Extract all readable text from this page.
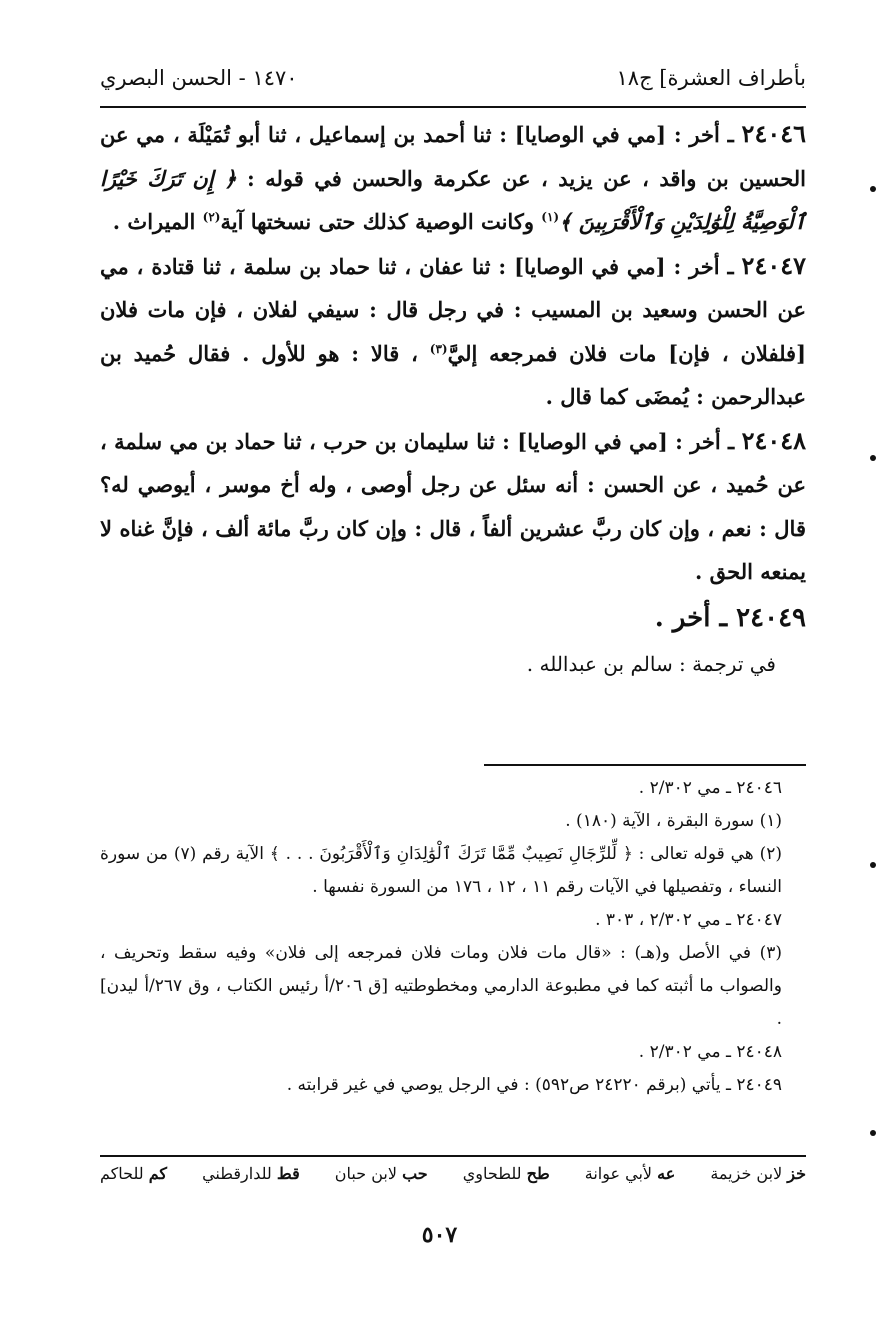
بأطراف العشرة] ج١٨
١٤٧٠ - الحسن البصري

٢٤٠٤٦ ـ أخر : [مي في الوصايا] : ثنا أحمد بن إسماعيل ، ثنا أبو تُمَيْلَة ، مي عن الحسين بن واقد ، عن يزيد ، عن عكرمة والحسن في قوله : ﴿ إِن تَرَكَ خَيْرًا ٱلْوَصِيَّةُ لِلْوَٰلِدَيْنِ وَٱلْأَقْرَبِينَ ﴾$^{(١)}$ وكانت الوصية كذلك حتى نسختها آية$^{(٢)}$ الميراث .

٢٤٠٤٧ ـ أخر : [مي في الوصايا] : ثنا عفان ، ثنا حماد بن سلمة ، ثنا قتادة ، مي عن الحسن وسعيد بن المسيب : في رجل قال : سيفي لفلان ، فإن مات فلان [فلفلان ، فإن] مات فلان فمرجعه إليَّ$^{(٣)}$ ، قالا : هو للأول . فقال حُميد بن عبدالرحمن : يُمضَى كما قال .

٢٤٠٤٨ ـ أخر : [مي في الوصايا] : ثنا سليمان بن حرب ، ثنا حماد بن مي سلمة ، عن حُميد ، عن الحسن : أنه سئل عن رجل أوصى ، وله أخ موسر ، أيوصي له؟ قال : نعم ، وإن كان ربَّ عشرين ألفاً ، قال : وإن كان ربَّ مائة ألف ، فإنَّ غناه لا يمنعه الحق .

٢٤٠٤٩ ـ أخر .

في ترجمة : سالم بن عبدالله .

٢٤٠٤٦ ـ مي ٢/٣٠٢ .

(١) سورة البقرة ، الآية (١٨٠) .

(٢) هي قوله تعالى : ﴿ لِّلرِّجَالِ نَصِيبٌ مِّمَّا تَرَكَ ٱلْوَٰلِدَانِ وَٱلْأَقْرَبُونَ . . . ﴾ الآية رقم (٧) من سورة النساء ، وتفصيلها في الآيات رقم ١١ ، ١٢ ، ١٧٦ من السورة نفسها .

٢٤٠٤٧ ـ مي ٢/٣٠٢ ، ٣٠٣ .

(٣) في الأصل و(هـ) : «قال مات فلان ومات فلان فمرجعه إلى فلان» وفيه سقط وتحريف ، والصواب ما أثبته كما في مطبوعة الدارمي ومخطوطتيه [ق ٢٠٦/أ رئيس الكتاب ، وق ٢٦٧/أ ليدن] .

٢٤٠٤٨ ـ مي ٢/٣٠٢ .

٢٤٠٤٩ ـ يأتي (برقم ٢٤٢٢٠ ص٥٩٢) : في الرجل يوصي في غير قرابته .

خز لابن خزيمة
عه لأبي عوانة
طح للطحاوي
حب لابن حبان
قط للدارقطني
كم للحاكم
٥٠٧
